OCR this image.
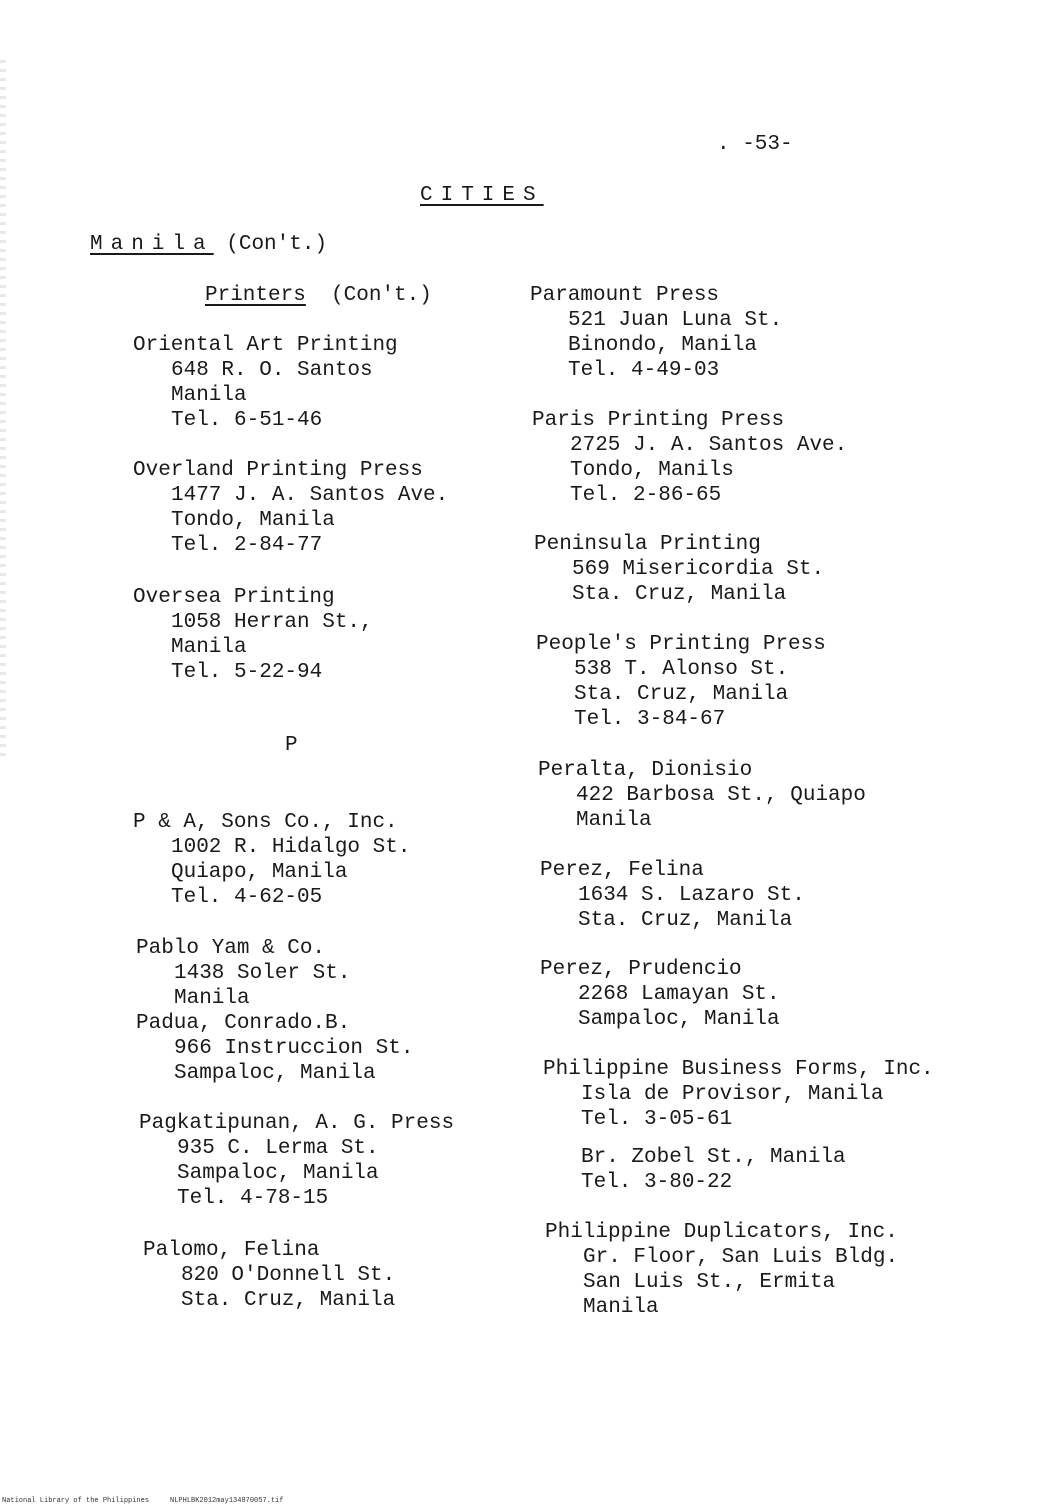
. -53-
CITIES
Manila (Con't.)
Printers (Con't.)
P
Oriental Art Printing
648 R. O. Santos
Manila
Tel. 6-51-46
Overland Printing Press
1477 J. A. Santos Ave.
Tondo, Manila
Tel. 2-84-77
Oversea Printing
1058 Herran St.,
Manila
Tel. 5-22-94
P & A, Sons Co., Inc.
1002 R. Hidalgo St.
Quiapo, Manila
Tel. 4-62-05
Pablo Yam & Co.
1438 Soler St.
Manila
Padua, Conrado.B.
966 Instruccion St.
Sampaloc, Manila
Pagkatipunan, A. G. Press
935 C. Lerma St.
Sampaloc, Manila
Tel. 4-78-15
Palomo, Felina
820 O'Donnell St.
Sta. Cruz, Manila
Paramount Press
521 Juan Luna St.
Binondo, Manila
Tel. 4-49-03
Paris Printing Press
2725 J. A. Santos Ave.
Tondo, Manils
Tel. 2-86-65
Peninsula Printing
569 Misericordia St.
Sta. Cruz, Manila
People's Printing Press
538 T. Alonso St.
Sta. Cruz, Manila
Tel. 3-84-67
Peralta, Dionisio
422 Barbosa St., Quiapo
Manila
Perez, Felina
1634 S. Lazaro St.
Sta. Cruz, Manila
Perez, Prudencio
2268 Lamayan St.
Sampaloc, Manila
Philippine Business Forms, Inc.
Isla de Provisor, Manila
Tel. 3-05-61
Br. Zobel St., Manila
Tel. 3-80-22
Philippine Duplicators, Inc.
Gr. Floor, San Luis Bldg.
San Luis St., Ermita
Manila
National Library of the Philippines     NLPHLBK2012may134870057.tif
